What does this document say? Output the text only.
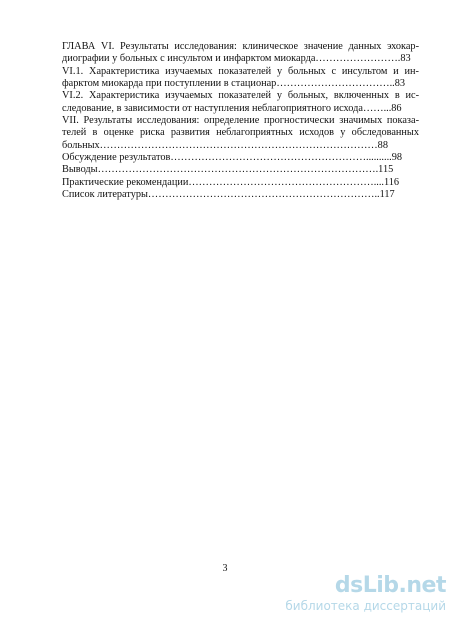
ГЛАВА VI. Результаты исследования: клиническое значение данных эхокар- диографии у больных с инсультом и инфарктом миокарда…………………….83

VI.1. Характеристика изучаемых показателей у больных с инсультом и ин- фарктом миокарда при поступлении в стационар……………………………..83

VI.2. Характеристика изучаемых показателей у больных, включенных в ис- следование, в зависимости от наступления неблагоприятного исхода……...86

VII. Результаты исследования: определение прогностически значимых показа- телей в оценке риска развития неблагоприятных исходов у обследованных больных………………………………………………………………………88

Обсуждение результатов…………………………………………………..........98

Выводы……………………………………………………………………….115

Практические рекомендации………………………………………………....116

Список литературы…………………………………………………………..117

3
dsLib.net
библиотека диссертаций
